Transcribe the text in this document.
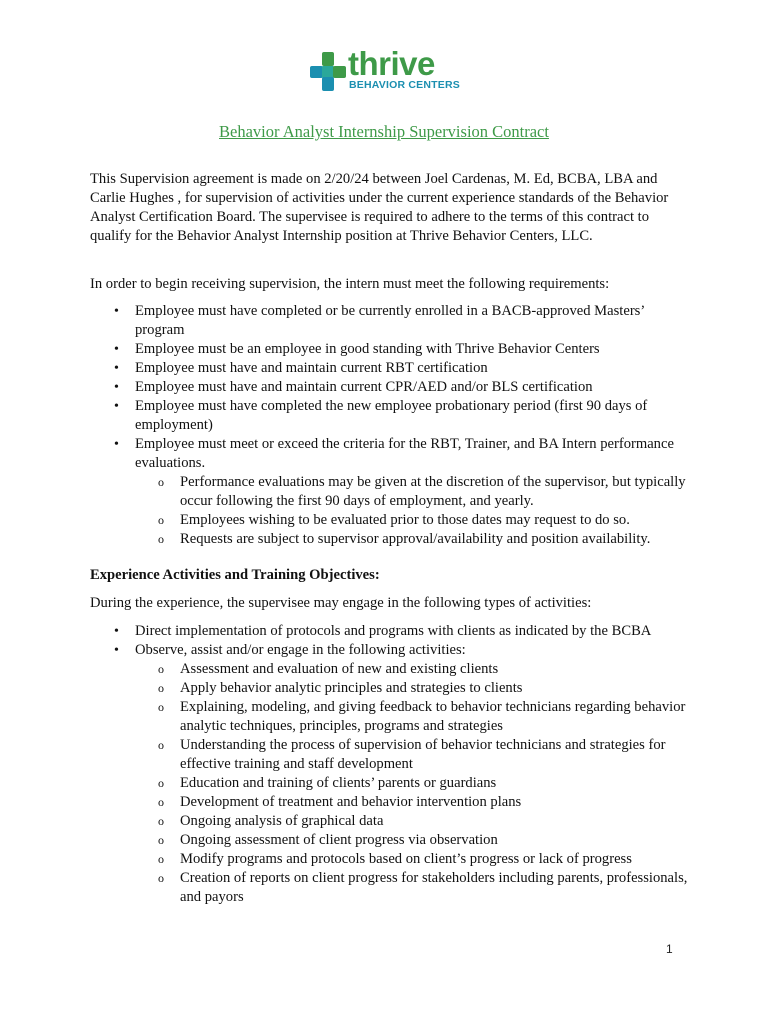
thrive
BEHAVIOR CENTERS
Behavior Analyst Internship Supervision Contract
This Supervision agreement is made on 2/20/24 between Joel Cardenas, M. Ed, BCBA, LBA and Carlie Hughes , for supervision of activities under the current experience standards of the Behavior Analyst Certification Board. The supervisee is required to adhere to the terms of this contract to qualify for the Behavior Analyst Internship position at Thrive Behavior Centers, LLC.
In order to begin receiving supervision, the intern must meet the following requirements:
• Employee must have completed or be currently enrolled in a BACB-approved Masters’ program
• Employee must be an employee in good standing with Thrive Behavior Centers
• Employee must have and maintain current RBT certification
• Employee must have and maintain current CPR/AED and/or BLS certification
• Employee must have completed the new employee probationary period (first 90 days of employment)
• Employee must meet or exceed the criteria for the RBT, Trainer, and BA Intern performance evaluations.
o Performance evaluations may be given at the discretion of the supervisor, but typically occur following the first 90 days of employment, and yearly.
o Employees wishing to be evaluated prior to those dates may request to do so.
o Requests are subject to supervisor approval/availability and position availability.
Experience Activities and Training Objectives:
During the experience, the supervisee may engage in the following types of activities:
• Direct implementation of protocols and programs with clients as indicated by the BCBA
• Observe, assist and/or engage in the following activities:
o Assessment and evaluation of new and existing clients
o Apply behavior analytic principles and strategies to clients
o Explaining, modeling, and giving feedback to behavior technicians regarding behavior analytic techniques, principles, programs and strategies
o Understanding the process of supervision of behavior technicians and strategies for effective training and staff development
o Education and training of clients’ parents or guardians
o Development of treatment and behavior intervention plans
o Ongoing analysis of graphical data
o Ongoing assessment of client progress via observation
o Modify programs and protocols based on client’s progress or lack of progress
o Creation of reports on client progress for stakeholders including parents, professionals, and payors
1
